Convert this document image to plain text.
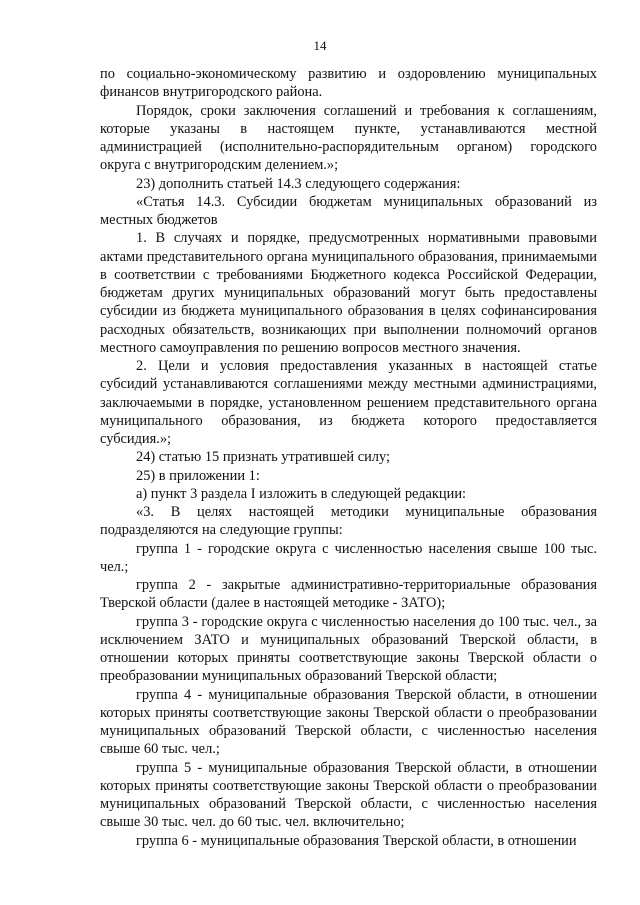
14

по социально-экономическому развитию и оздоровлению муниципальных финансов внутригородского района.

Порядок, сроки заключения соглашений и требования к соглашениям, которые указаны в настоящем пункте, устанавливаются местной администрацией (исполнительно-распорядительным органом) городского округа с внутригородским делением.»;

23) дополнить статьей 14.3 следующего содержания:

«Статья 14.3. Субсидии бюджетам муниципальных образований из местных бюджетов

1. В случаях и порядке, предусмотренных нормативными правовыми актами представительного органа муниципального образования, принимаемыми в соответствии с требованиями Бюджетного кодекса Российской Федерации, бюджетам других муниципальных образований могут быть предоставлены субсидии из бюджета муниципального образования в целях софинансирования расходных обязательств, возникающих при выполнении полномочий органов местного самоуправления по решению вопросов местного значения.

2. Цели и условия предоставления указанных в настоящей статье субсидий устанавливаются соглашениями между местными администрациями, заключаемыми в порядке, установленном решением представительного органа муниципального образования, из бюджета которого предоставляется субсидия.»;

24) статью 15 признать утратившей силу;

25) в приложении 1:

а) пункт 3 раздела I изложить в следующей редакции:

«3. В целях настоящей методики муниципальные образования подразделяются на следующие группы:

группа 1 - городские округа с численностью населения свыше 100 тыс. чел.;

группа 2 - закрытые административно-территориальные образования Тверской области (далее в настоящей методике - ЗАТО);

группа 3 - городские округа с численностью населения до 100 тыс. чел., за исключением ЗАТО и муниципальных образований Тверской области, в отношении которых приняты соответствующие законы Тверской области о преобразовании муниципальных образований Тверской области;

группа 4 - муниципальные образования Тверской области, в отношении которых приняты соответствующие законы Тверской области о преобразовании муниципальных образований Тверской области, с численностью населения свыше 60 тыс. чел.;

группа 5 - муниципальные образования Тверской области, в отношении которых приняты соответствующие законы Тверской области о преобразовании муниципальных образований Тверской области, с численностью населения свыше 30 тыс. чел. до 60 тыс. чел. включительно;

группа 6 - муниципальные образования Тверской области, в отношении
